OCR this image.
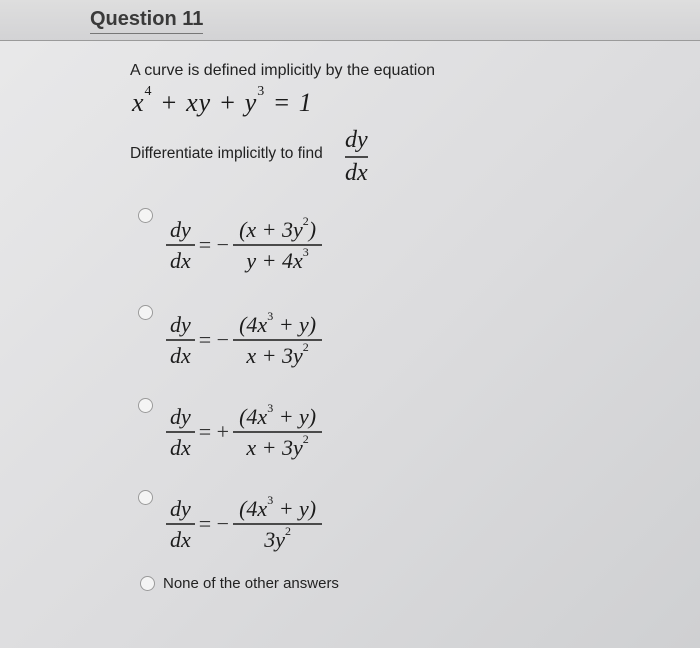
Question 11
A curve is defined implicitly by the equation
$x^4$ + xy + $y^3 = 1$
Differentiate implicitly to find
dy
dx
$\frac{dy}{dx}$ = − $\frac{(x + 3y^2)}{y + 4x^3}$
$\frac{dy}{dx}$ = − $\frac{(4x^3 + y)}{x + 3y^2}$
$\frac{dy}{dx}$ = + $\frac{(4x^3 + y)}{x + 3y^2}$
$\frac{dy}{dx}$ = − $\frac{(4x^3 + y)}{3y^2}$
None of the other answers
